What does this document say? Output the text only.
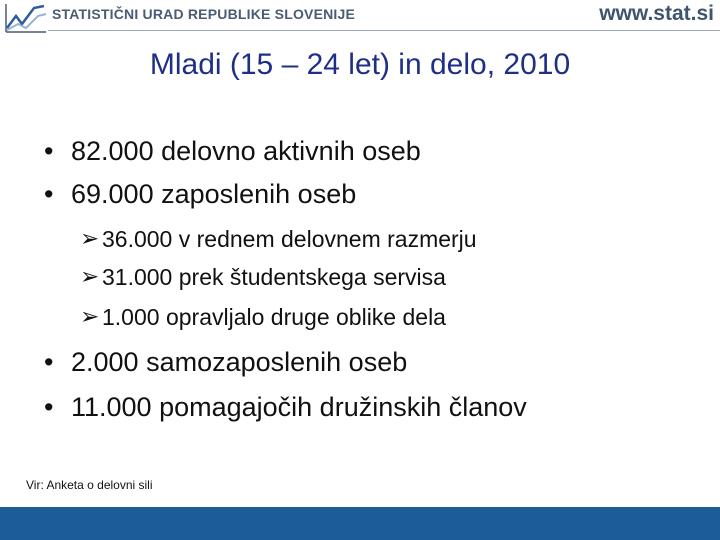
STATISTIČNI URAD REPUBLIKE SLOVENIJE	www.stat.si
Mladi (15 – 24 let) in delo, 2010
• 82.000 delovno aktivnih oseb
• 69.000 zaposlenih oseb
➢ 36.000 v rednem delovnem razmerju
➢ 31.000 prek študentskega servisa
➢ 1.000 opravljalo druge oblike dela
• 2.000 samozaposlenih oseb
• 11.000 pomagajočih družinskih članov
Vir: Anketa o delovni sili
